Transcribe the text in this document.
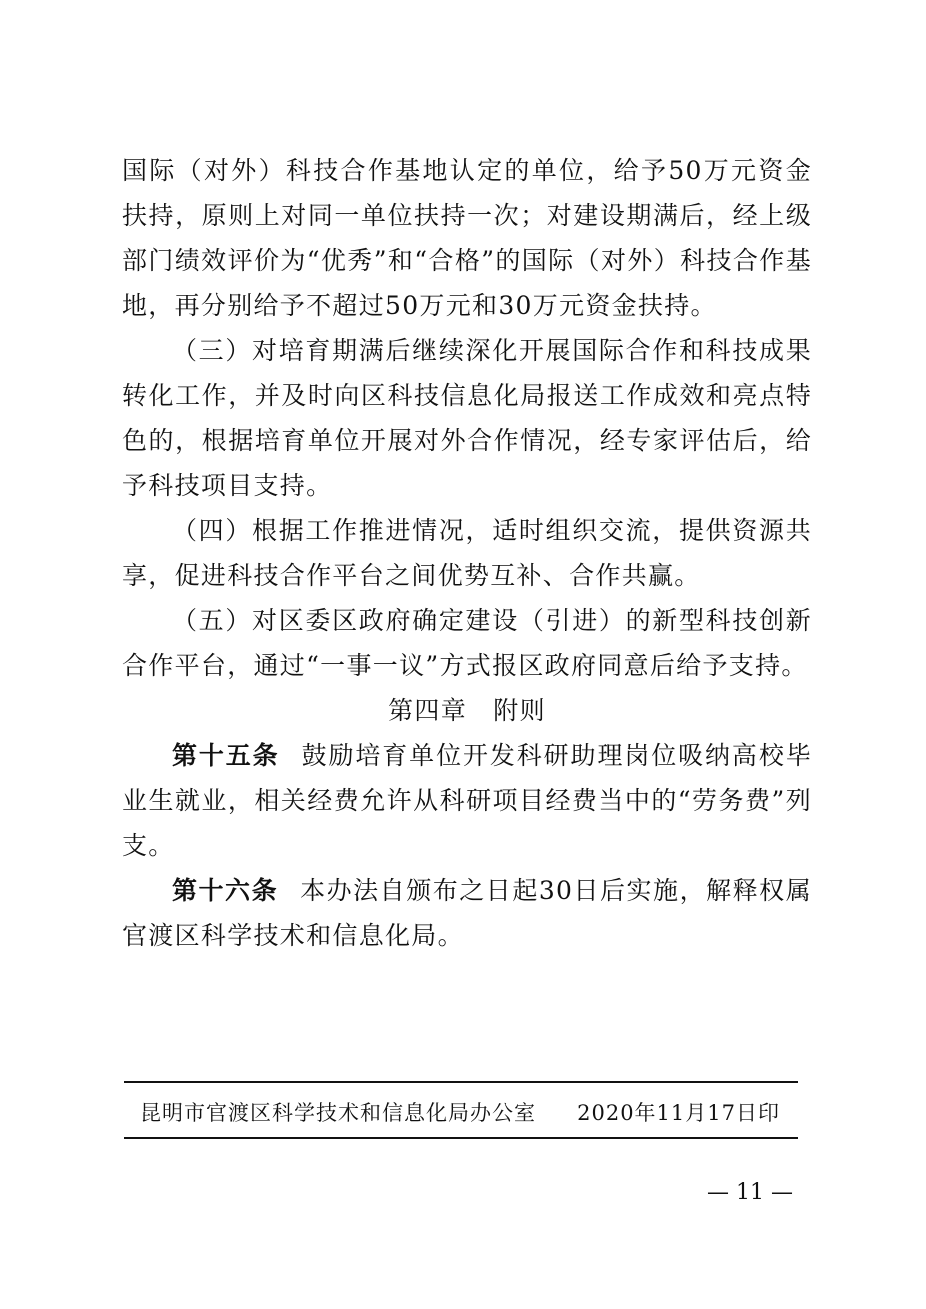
国际（对外）科技合作基地认定的单位，给予50万元资金扶持，原则上对同一单位扶持一次；对建设期满后，经上级部门绩效评价为“优秀”和“合格”的国际（对外）科技合作基地，再分别给予不超过50万元和30万元资金扶持。

（三）对培育期满后继续深化开展国际合作和科技成果转化工作，并及时向区科技信息化局报送工作成效和亮点特色的，根据培育单位开展对外合作情况，经专家评估后，给予科技项目支持。

（四）根据工作推进情况，适时组织交流，提供资源共享，促进科技合作平台之间优势互补、合作共赢。

（五）对区委区政府确定建设（引进）的新型科技创新合作平台，通过“一事一议”方式报区政府同意后给予支持。

第四章　附则

第十五条 鼓励培育单位开发科研助理岗位吸纳高校毕业生就业，相关经费允许从科研项目经费当中的“劳务费”列支。

第十六条 本办法自颁布之日起30日后实施，解释权属官渡区科学技术和信息化局。

昆明市官渡区科学技术和信息化局办公室 2020年11月17日印
— 11 —
